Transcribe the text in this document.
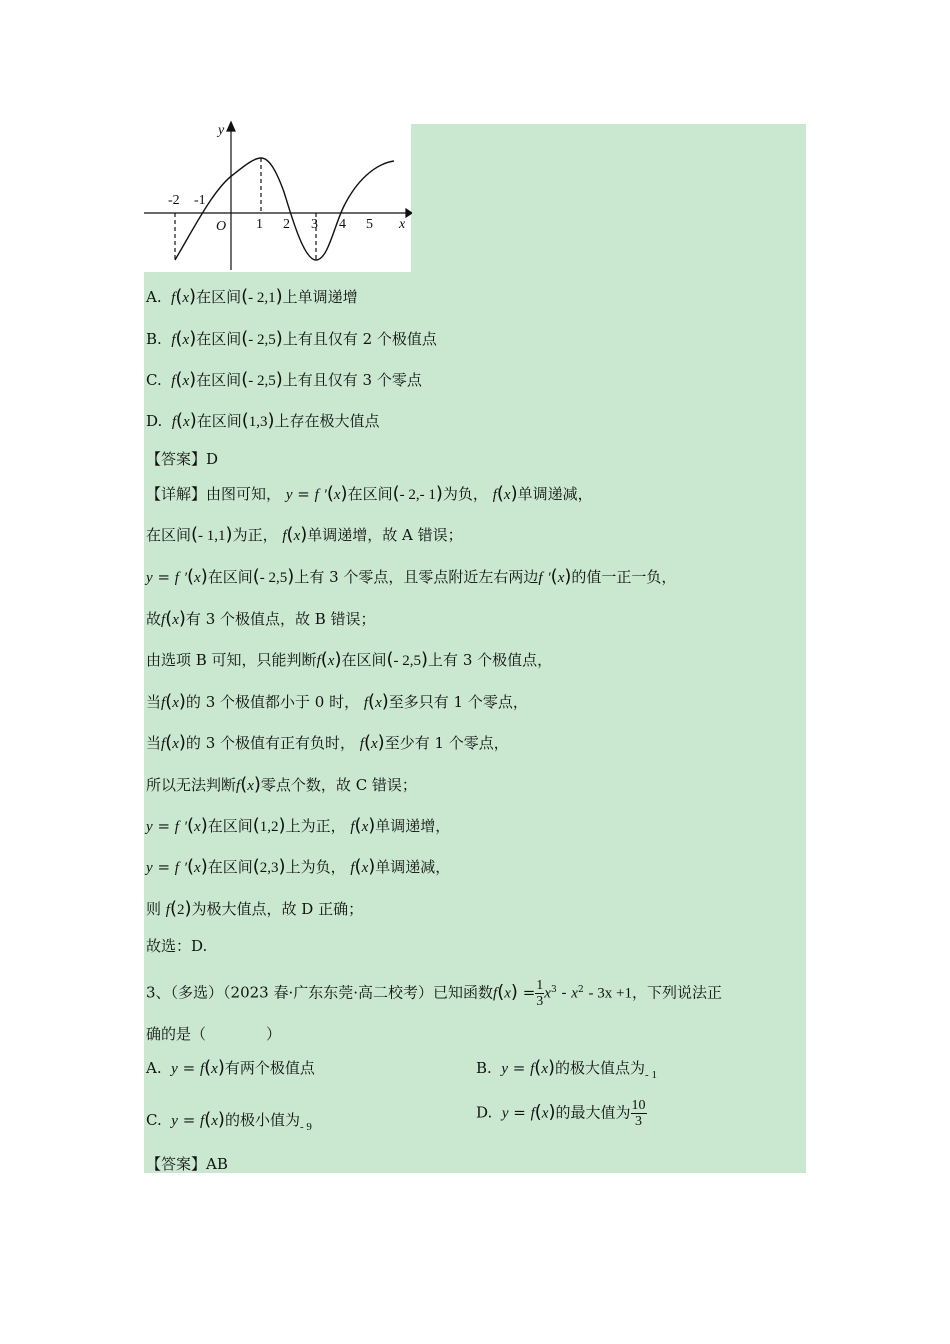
y
x
O
-2 -1
1 2 3 4 5
A. f(x)在区间(- 2,1)上单调递增
B. f(x)在区间(- 2,5)上有且仅有 2 个极值点
C. f(x)在区间(- 2,5)上有且仅有 3 个零点
D. f(x)在区间(1,3)上存在极大值点
【答案】D
【详解】由图可知， y = f ′(x)在区间(- 2,- 1)为负， f(x)单调递减，
在区间(- 1,1)为正， f(x)单调递增，故 A 错误；
y = f ′(x)在区间(- 2,5)上有 3 个零点，且零点附近左右两边f ′(x)的值一正一负，
故f(x)有 3 个极值点，故 B 错误；
由选项 B 可知，只能判断f(x)在区间(- 2,5)上有 3 个极值点，
当f(x)的 3 个极值都小于 0 时， f(x)至多只有 1 个零点，
当f(x)的 3 个极值有正有负时， f(x)至少有 1 个零点，
所以无法判断f(x)零点个数，故 C 错误；
y = f ′(x)在区间(1,2)上为正， f(x)单调递增，
y = f ′(x)在区间(2,3)上为负， f(x)单调递减，
则 f(2)为极大值点，故 D 正确；
故选：D.
3、（多选）（2023 春·广东东莞·高二校考）已知函数$f(x) = \frac{1}{3} x^3 - x^2 - 3x +1$，下列说法正
确的是（　　　　）
A. y = f(x)有两个极值点	B. y = f(x)的极大值点为$_{- 1}$
C. y = f(x)的极小值为$_{- 9}$
D. y = f(x)的最大值为 $\frac{10}{3}$
【答案】AB
